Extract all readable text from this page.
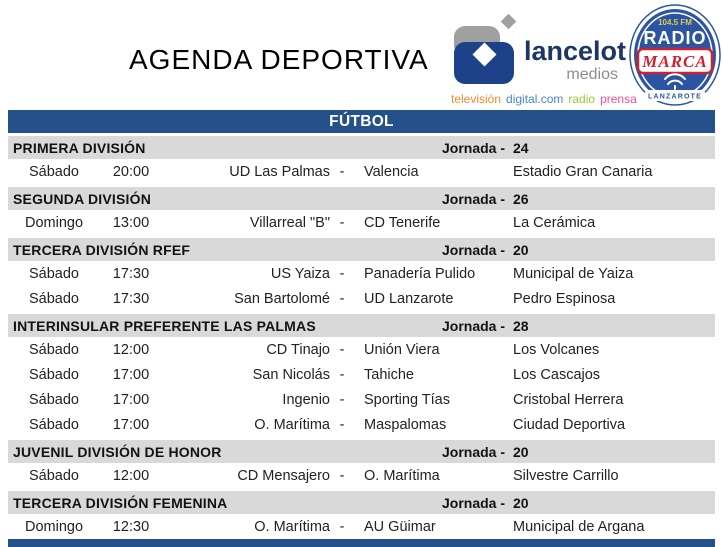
AGENDA DEPORTIVA	lancelot
medios
televisión digital.com radio prensa
104.5 FM
RADIO
MARCA
LANZAROTE
FÚTBOL
PRIMERA DIVISIÓN	Jornada - 24
Sábado	20:00	UD Las Palmas -	Valencia	Estadio Gran Canaria
SEGUNDA DIVISIÓN	Jornada - 26
Domingo	13:00	Villarreal "B" -	CD Tenerife	La Cerámica
TERCERA DIVISIÓN RFEF	Jornada - 20
Sábado	17:30	US Yaiza -	Panadería Pulido	Municipal de Yaiza
Sábado	17:30	San Bartolomé -	UD Lanzarote	Pedro Espinosa
INTERINSULAR PREFERENTE LAS PALMAS	Jornada - 28
Sábado	12:00	CD Tinajo -	Unión Viera	Los Volcanes
Sábado	17:00	San Nicolás -	Tahiche	Los Cascajos
Sábado	17:00	Ingenio -	Sporting Tías	Cristobal Herrera
Sábado	17:00	O. Marítima -	Maspalomas	Ciudad Deportiva
JUVENIL DIVISIÓN DE HONOR	Jornada - 20
Sábado	12:00	CD Mensajero -	O. Marítima	Silvestre Carrillo
TERCERA DIVISIÓN FEMENINA	Jornada - 20
Domingo	12:30	O. Marítima -	AU Güimar	Municipal de Argana
